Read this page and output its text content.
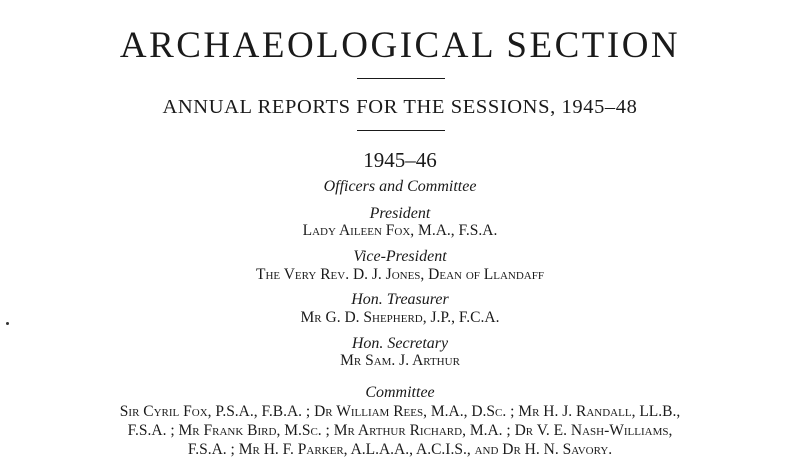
ARCHAEOLOGICAL SECTION
ANNUAL REPORTS FOR THE SESSIONS, 1945–48
1945–46
Officers and Committee
President
Lady Aileen Fox, M.A., F.S.A.
Vice-President
The Very Rev. D. J. Jones, Dean of Llandaff
Hon. Treasurer
Mr G. D. Shepherd, J.P., F.C.A.
Hon. Secretary
Mr Sam. J. Arthur
Committee
Sir Cyril Fox, P.S.A., F.B.A. ; Dr William Rees, M.A., D.Sc. ; Mr H. J. Randall, LL.B.,
F.S.A. ; Mr Frank Bird, M.Sc. ; Mr Arthur Richard, M.A. ; Dr V. E. Nash-Williams,
F.S.A. ; Mr H. F. Parker, A.L.A.A., A.C.I.S., and Dr H. N. Savory.
